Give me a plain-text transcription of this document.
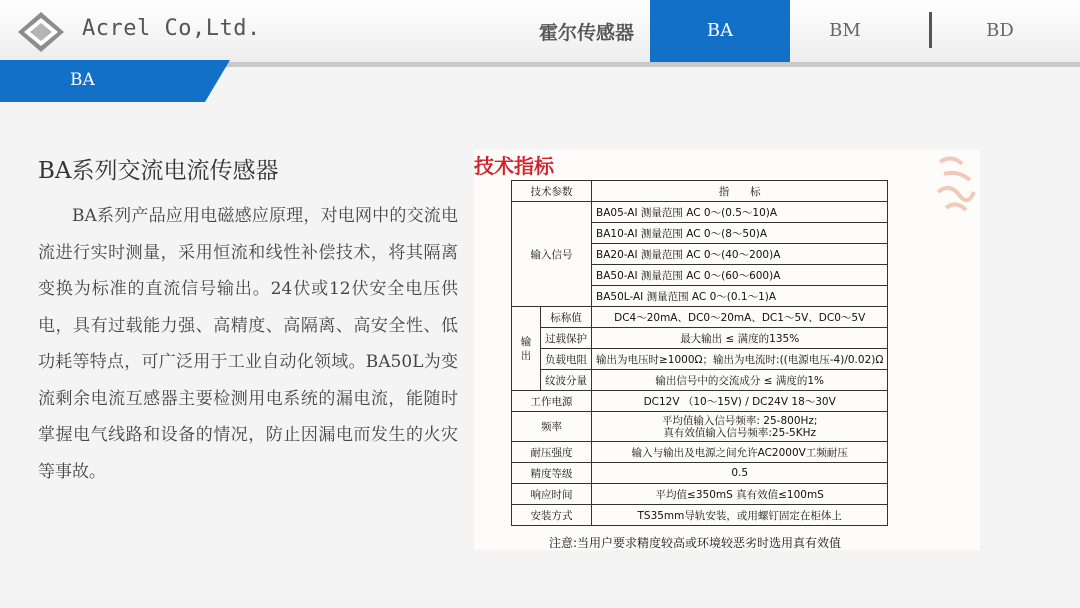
Acrel Co,Ltd.	霍尔传感器	BA	BM	BD
BA
BA系列交流电流传感器
BA系列产品应用电磁感应原理，对电网中的交流电流进行实时测量，采用恒流和线性补偿技术，将其隔离变换为标准的直流信号输出。24伏或12伏安全电压供电，具有过载能力强、高精度、高隔离、高安全性、低功耗等特点，可广泛用于工业自动化领域。BA50L为变流剩余电流互感器主要检测用电系统的漏电流，能随时掌握电气线路和设备的情况，防止因漏电而发生的火灾等事故。
技术指标
技术参数		指　　标
输入信号		BA05-AI 测量范围 AC 0～(0.5～10)A
		BA10-AI 测量范围 AC 0～(8～50)A
		BA20-AI 测量范围 AC 0～(40～200)A
		BA50-AI 测量范围 AC 0～(60～600)A
		BA50L-AI 测量范围 AC 0～(0.1～1)A
输出	标称值	DC4～20mA、DC0～20mA、DC1～5V、DC0～5V
	过载保护	最大输出 ≤ 满度的135%
	负载电阻	输出为电压时≥1000Ω；输出为电流时:((电源电压-4)/0.02)Ω
	纹波分量	输出信号中的交流成分 ≤ 满度的1%
工作电源		DC12V （10～15V) / DC24V 18～30V
频率		平均值输入信号频率: 25-800Hz;
真有效值输入信号频率:25-5KHz

耐压强度		输入与输出及电源之间允许AC2000V工频耐压
精度等级		0.5
响应时间		平均值≤350mS 真有效值≤100mS
安装方式		TS35mm导轨安装，或用螺钉固定在柜体上
注意:当用户要求精度较高或环境较恶劣时选用真有效值
